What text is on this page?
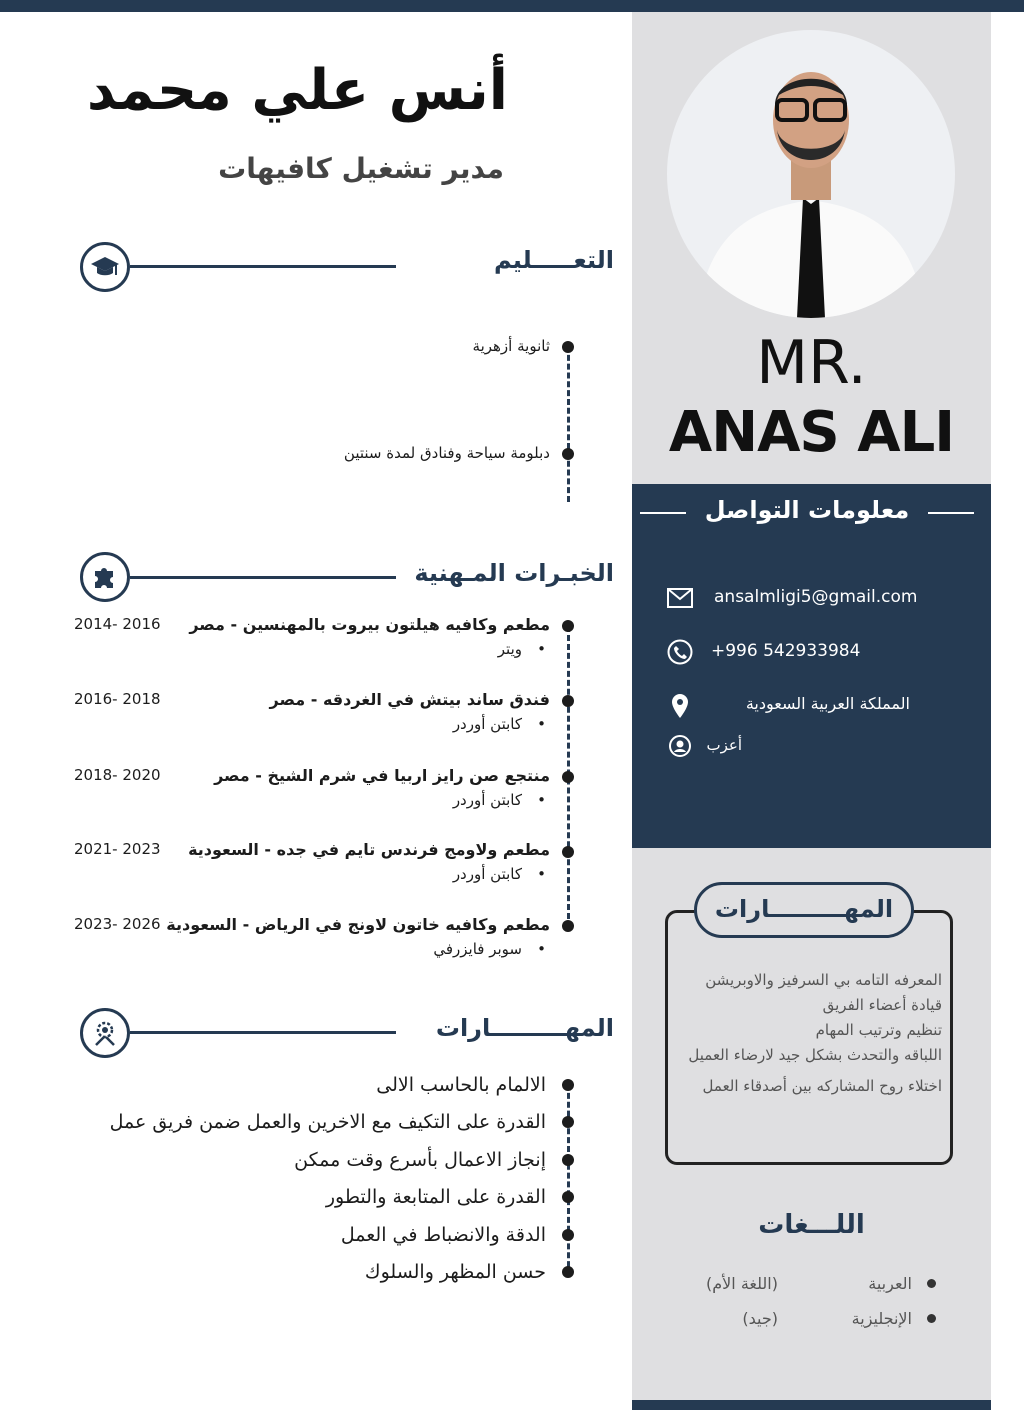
أنس علي محمد
مدير تشغيل كافيهات
التعـــــليم
ثانوية أزهرية
دبلومة سياحة وفنادق لمدة سنتين
الخبـرات المـهنية
مطعم وكافيه هيلتون بيروت بالمهنسين - مصر
ويتر •
2014- 2016
فندق ساند بيتش في الغردقه - مصر
كابتن أوردر •
2016- 2018
منتجع صن رايز اربيا في شرم الشيخ - مصر
كابتن أوردر •
2018- 2020
مطعم ولاومج فرندس تايم في جده - السعودية
كابتن أوردر •
2021- 2023
مطعم وكافيه خاتون لاونج في الرياض - السعودية
سوبر فايزرفي •
2023- 2026
المهـــــــــارات
الالمام بالحاسب الالى
القدرة على التكيف مع الاخرين والعمل ضمن فريق عمل
إنجاز الاعمال بأسرع وقت ممكن
القدرة على المتابعة والتطور
الدقة والانضباط في العمل
حسن المظهر والسلوك
MR.
ANAS ALI
معلومات التواصل
ansalmligi5@gmail.com
+996 542933984
المملكة العربية السعودية
أعزب
المهـــــــــارات
المعرفه التامه بي السرفيز والاوبريشن
قيادة أعضاء الفريق
تنظيم وترتيب المهام
اللباقه والتحدث بشكل جيد لارضاء العميل
اختلاء روح المشاركه بين أصدقاء العمل
اللـــغات
العربية
(اللغة الأم)
الإنجليزية
(جيد)
